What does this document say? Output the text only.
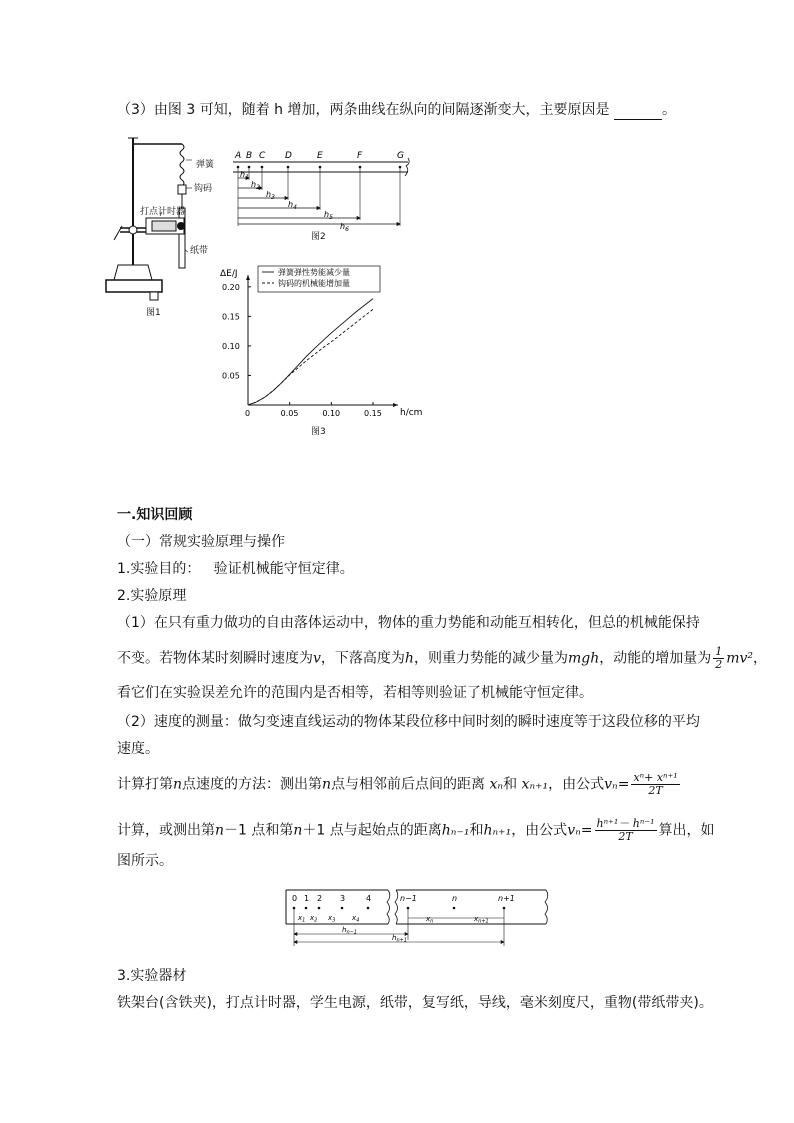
（3）由图 3 可知，随着 h 增加，两条曲线在纵向的间隔逐渐变大，主要原因是	。
弹簧
钩码
打点计时器
纸带
图1
A B C D	E	F	G
$h_1$
$h_2$
$h_3$
$h_4$
$h_5$
$h_6$
图2
ΔE/J
h/cm
0	0.05	0.10	0.15
0.05
0.10
0.15
0.20
弹簧弹性势能减少量
钩码的机械能增加量
图3
一.知识回顾
（一）常规实验原理与操作
1.实验目的：   验证机械能守恒定律。
2.实验原理
（1）在只有重力做功的自由落体运动中，物体的重力势能和动能互相转化，但总的机械能保持
不变。若物体某时刻瞬时速度为v，下落高度为h，则重力势能的减少量为mgh，动能的增加量为 $\frac{1}{2} mv^2$，
看它们在实验误差允许的范围内是否相等，若相等则验证了机械能守恒定律。
（2）速度的测量：做匀变速直线运动的物体某段位移中间时刻的瞬时速度等于这段位移的平均
速度。
计算打第n点速度的方法：测出第n点与相邻前后点间的距离 xₙ和 xₙ₊₁，由公式$v_n= \frac{\text{xⁿ+ xⁿ⁺¹}}{2T}$
计算，或测出第n－1 点和第n＋1 点与起始点的距离hₙ₋₁和hₙ₊₁，由公式$v_n= \frac{\text{hⁿ⁺¹－ hⁿ⁻¹}}{2T}$ 算出，如
图所示。
0 1 2 3	4
$x_1$ $x_2$ $x_3$ $x_4$
n−1	n	n+1
$x_n$	$x_{n+1}$
$h_{n-1}$
$h_{n+1}$
3.实验器材
铁架台(含铁夹)，打点计时器，学生电源，纸带，复写纸，导线，毫米刻度尺，重物(带纸带夹)。
